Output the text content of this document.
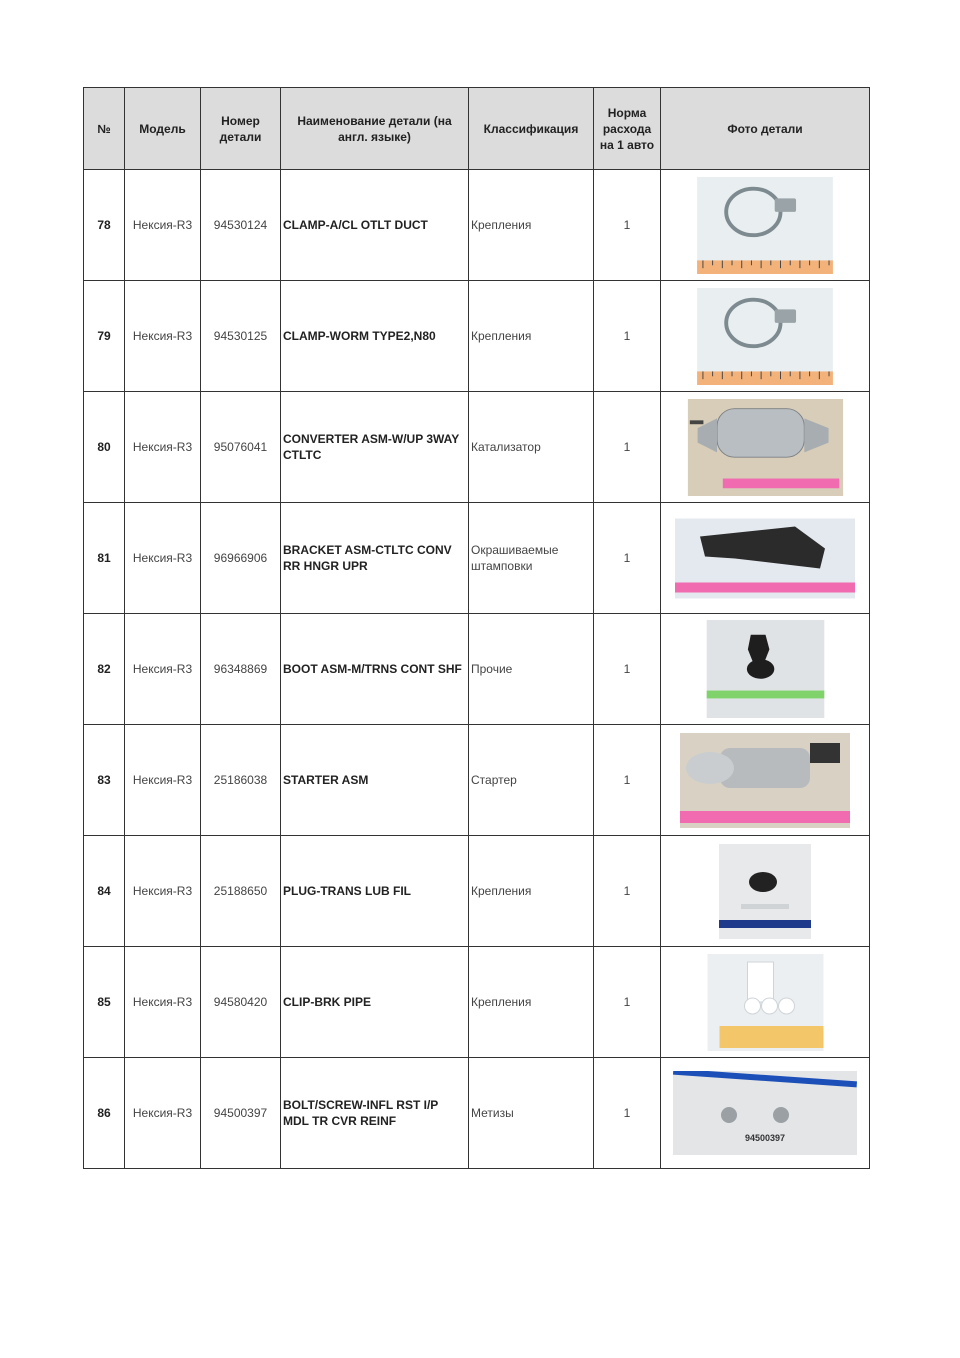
№	Модель	Номер детали	Наименование детали (на англ. языке)	Классификация	Норма расхода на 1 авто	Фото детали
78	Нексия-R3	94530124	CLAMP-A/CL OTLT DUCT	Крепления	1	
79	Нексия-R3	94530125	CLAMP-WORM TYPE2,N80	Крепления	1	
80	Нексия-R3	95076041	CONVERTER ASM-W/UP 3WAY CTLTC	Катализатор	1	
81	Нексия-R3	96966906	BRACKET ASM-CTLTC CONV RR HNGR UPR	Окрашиваемые штамповки	1	
82	Нексия-R3	96348869	BOOT ASM-M/TRNS CONT SHF	Прочие	1	
83	Нексия-R3	25186038	STARTER ASM	Стартер	1	
84	Нексия-R3	25188650	PLUG-TRANS LUB FIL	Крепления	1	
85	Нексия-R3	94580420	CLIP-BRK PIPE	Крепления	1	
86	Нексия-R3	94500397	BOLT/SCREW-INFL RST I/P MDL TR CVR REINF	Метизы	1	94500397
